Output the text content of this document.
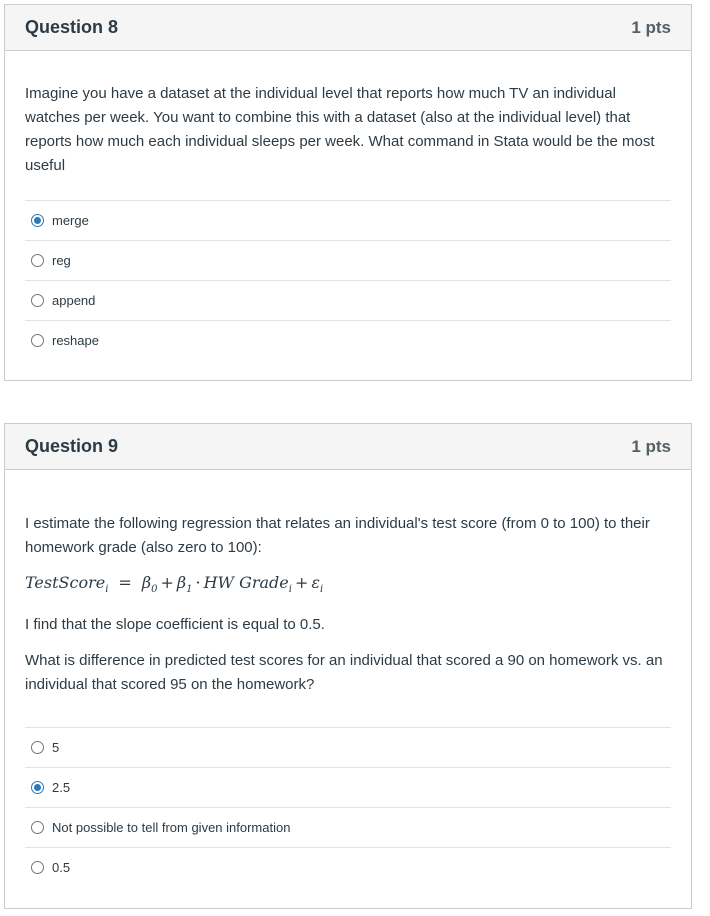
Question 8	1 pts

Imagine you have a dataset at the individual level that reports how much TV an individual watches per week. You want to combine this with a dataset (also at the individual level) that reports how much each individual sleeps per week. What command in Stata would be the most useful

merge
reg
append
reshape
Question 9	1 pts

I estimate the following regression that relates an individual's test score (from 0 to 100) to their homework grade (also zero to 100):

TestScore$_i$ = $\beta_0 + \beta_1$ · HW Grade$_i$ + $\varepsilon_i$

I find that the slope coefficient is equal to 0.5.

What is difference in predicted test scores for an individual that scored a 90 on homework vs. an individual that scored 95 on the homework?

5
2.5
Not possible to tell from given information
0.5
